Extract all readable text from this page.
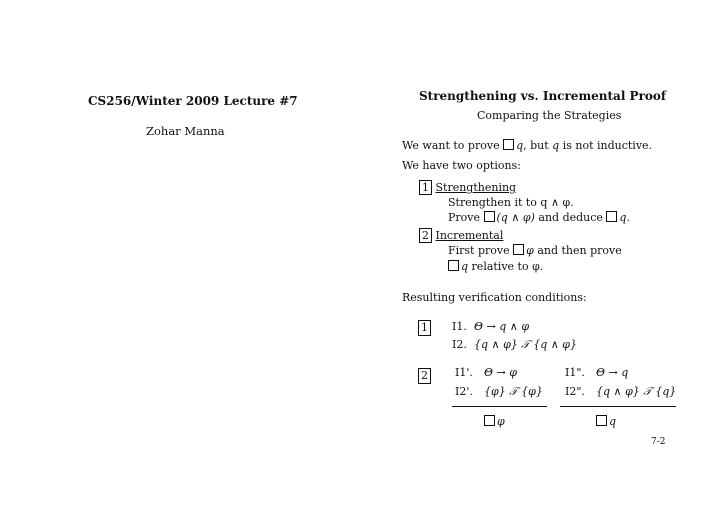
CS256/Winter 2009 Lecture #7
Zohar Manna
Strengthening vs. Incremental Proof
Comparing the Strategies
We want to prove q, but q is not inductive.
We have two options:
1 Strengthening
Strengthen it to q ∧ φ.
Prove (q ∧ φ) and deduce q.
2 Incremental
First prove φ and then prove
q relative to φ.
Resulting verification conditions:
1 I1. Θ → q ∧ φ
I2. {q ∧ φ} 𝒯 {q ∧ φ}
2 I1'. Θ → φ
I2'. {φ} 𝒯 {φ}
I1". Θ → q
I2". {q ∧ φ} 𝒯 {q}
φ	q
7-2
